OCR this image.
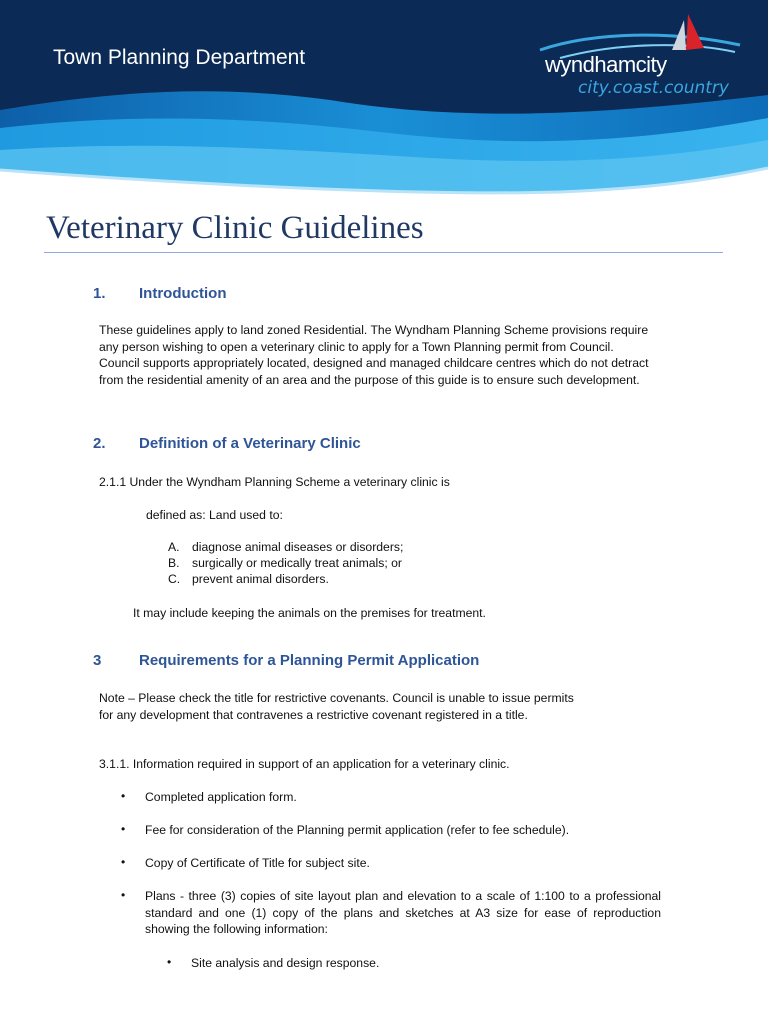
Town Planning Department	wyndhamcity
city.coast.country
Veterinary Clinic Guidelines
1. Introduction
These guidelines apply to land zoned Residential. The Wyndham Planning Scheme provisions require any person wishing to open a veterinary clinic to apply for a Town Planning permit from Council. Council supports appropriately located, designed and managed childcare centres which do not detract from the residential amenity of an area and the purpose of this guide is to ensure such development.
2. Definition of a Veterinary Clinic
2.1.1 Under the Wyndham Planning Scheme a veterinary clinic is
defined as: Land used to:
A. diagnose animal diseases or disorders;
B. surgically or medically treat animals; or
C. prevent animal disorders.
It may include keeping the animals on the premises for treatment.
3	Requirements for a Planning Permit Application
Note – Please check the title for restrictive covenants. Council is unable to issue permits for any development that contravenes a restrictive covenant registered in a title.
3.1.1. Information required in support of an application for a veterinary clinic.
• Completed application form.
• Fee for consideration of the Planning permit application (refer to fee schedule).
• Copy of Certificate of Title for subject site.
• Plans - three (3) copies of site layout plan and elevation to a scale of 1:100 to a professional standard and one (1) copy of the plans and sketches at A3 size for ease of reproduction showing the following information:
• Site analysis and design response.
